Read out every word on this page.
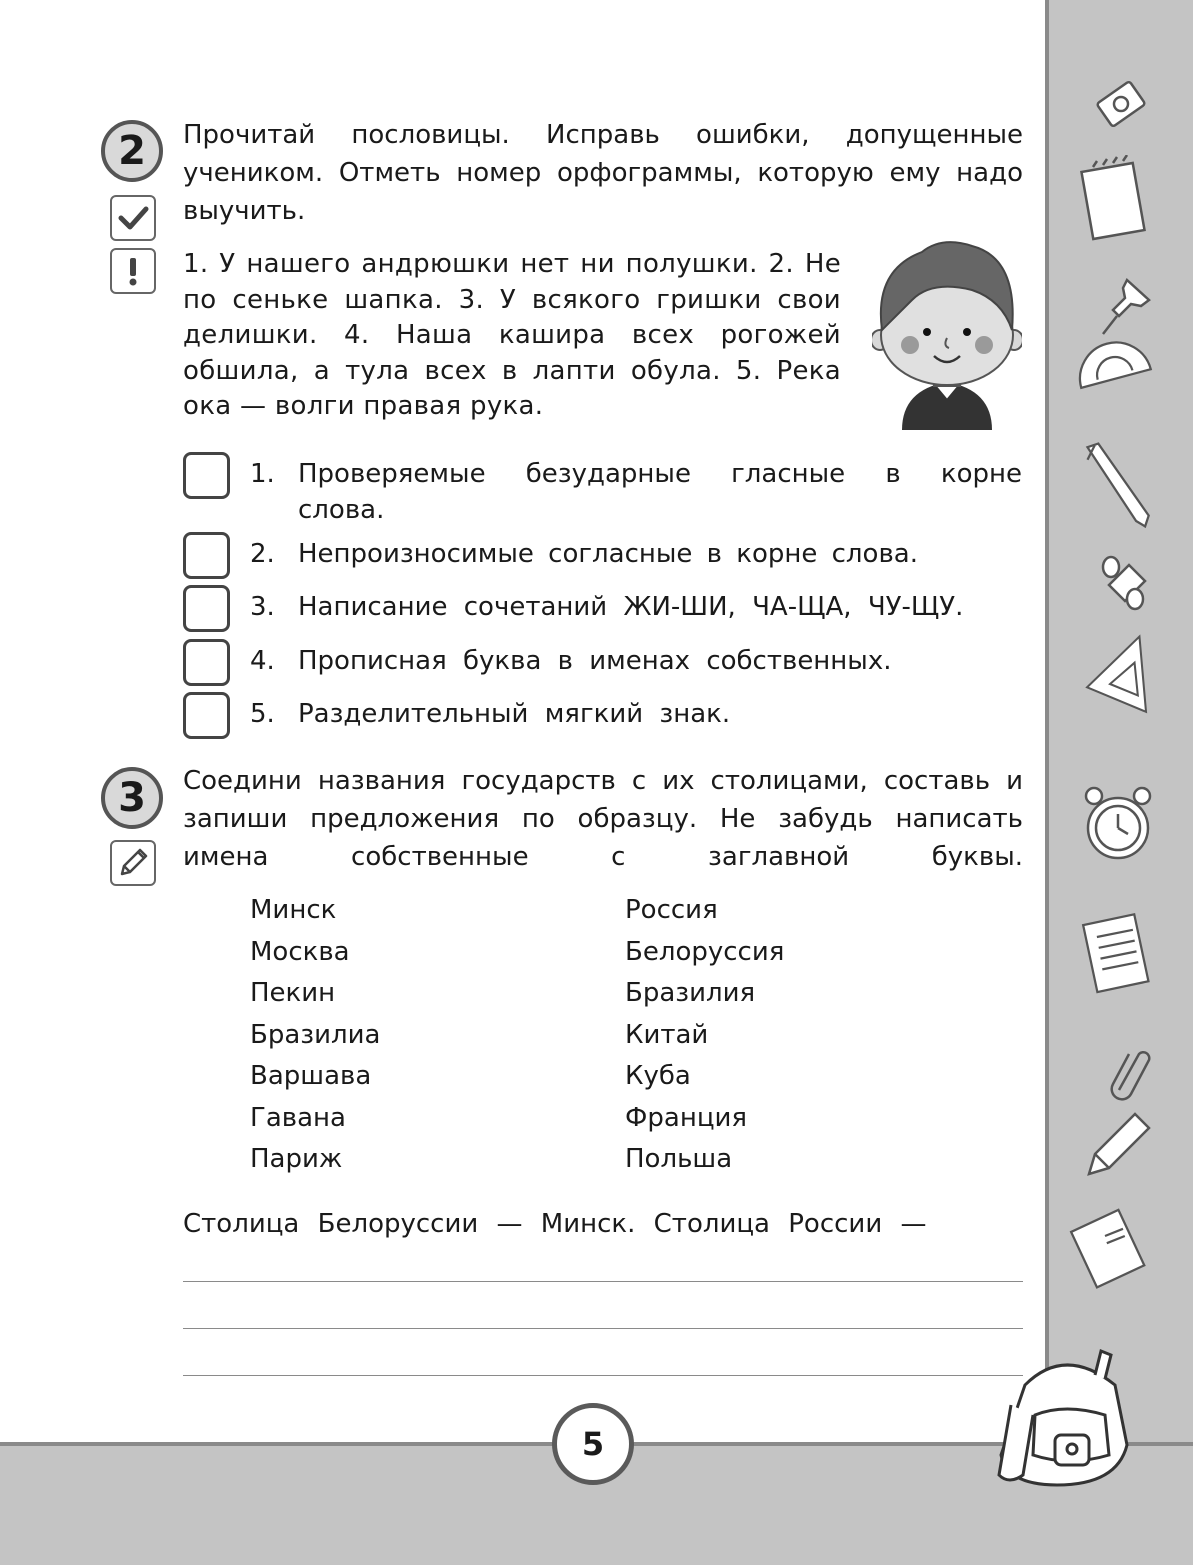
5
2	Прочитай пословицы. Исправь ошибки, допущенные учеником. Отметь номер орфограммы, которую ему надо выучить.
1. У нашего андрюшки нет ни полушки. 2. Не по сеньке шапка. 3. У всякого гришки свои делишки. 4. Наша кашира всех рогожей обшила, а тула всех в лапти обула. 5. Река ока — волги правая рука.
1. Проверяемые безударные гласные в корне
слова.
2. Непроизносимые согласные в корне слова.
3. Написание сочетаний ЖИ-ШИ, ЧА-ЩА, ЧУ-ЩУ.
4. Прописная буква в именах собственных.
5. Разделительный мягкий знак.
3	Соедини названия государств с их столицами, составь и запиши предложения по образцу. Не забудь написать имена собственные с заглавной буквы.
Минск
Москва
Пекин
Бразилиа
Варшава
Гавана
Париж
Россия
Белоруссия
Бразилия
Китай
Куба
Франция
Польша
Столица Белоруссии — Минск. Столица России —
